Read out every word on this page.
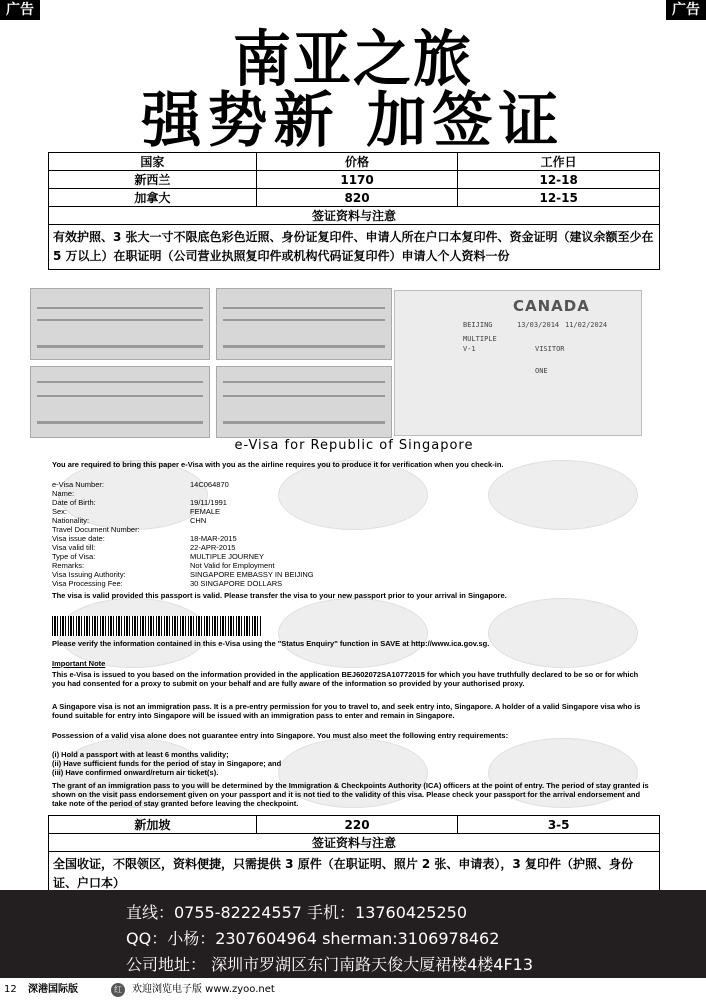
广告	广告
南亚之旅
强势新 加签证
国家	价格	工作日
新西兰	1170	12-18
加拿大	820	12-15
签证资料与注意		
有效护照、3 张大一寸不限底色彩色近照、身份证复印件、申请人所在户口本复印件、资金证明（建议余额至少在 5 万以上）在职证明（公司营业执照复印件或机构代码证复印件）申请人个人资料一份		
CANADA
BEIJING	13/03/2014 11/02/2024
MULTIPLE
V-1	VISITOR
ONE
e-Visa for Republic of Singapore
You are required to bring this paper e-Visa with you as the airline requires you to produce it for verification when you check-in.
e-Visa Number:	14C064870
Name:
Date of Birth:	19/11/1991
Sex:	FEMALE
Nationality:	CHN
Travel Document Number:
Visa issue date:	18-MAR-2015
Visa valid till:	22-APR-2015
Type of Visa:	MULTIPLE JOURNEY
Remarks:	Not Valid for Employment
Visa Issuing Authority:	SINGAPORE EMBASSY IN BEIJING
Visa Processing Fee:	30 SINGAPORE DOLLARS
The visa is valid provided this passport is valid. Please transfer the visa to your new passport prior to your arrival in Singapore.
Please verify the information contained in this e-Visa using the "Status Enquiry" function in SAVE at http://www.ica.gov.sg.
Important Note
This e-Visa is issued to you based on the information provided in the application BEJ602072SA10772015 for which you have truthfully declared to be so or for which you had consented for a proxy to submit on your behalf and are fully aware of the information so provided by your authorised proxy.
A Singapore visa is not an immigration pass. It is a pre-entry permission for you to travel to, and seek entry into, Singapore. A holder of a valid Singapore visa who is found suitable for entry into Singapore will be issued with an immigration pass to enter and remain in Singapore.
Possession of a valid visa alone does not guarantee entry into Singapore. You must also meet the following entry requirements:
(i) Hold a passport with at least 6 months validity;
(ii) Have sufficient funds for the period of stay in Singapore; and
(iii) Have confirmed onward/return air ticket(s).
The grant of an immigration pass to you will be determined by the Immigration & Checkpoints Authority (ICA) officers at the point of entry. The period of stay granted is shown on the visit pass endorsement given on your passport and it is not tied to the validity of this visa. Please check your passport for the arrival endorsement and take note of the period of stay granted before leaving the checkpoint.
新加坡	220	3-5
签证资料与注意
全国收证，不限领区，资料便捷，只需提供 3 原件（在职证明、照片 2 张、申请表），3 复印件（护照、身份证、户口本）
直线：0755-82224557 手机：13760425250
QQ：小杨：2307604964 sherman:3106978462
公司地址： 深圳市罗湖区东门南路天俊大厦裙楼4楼4F13
12 深港国际版	红	欢迎浏览电子版 www.zyoo.net
